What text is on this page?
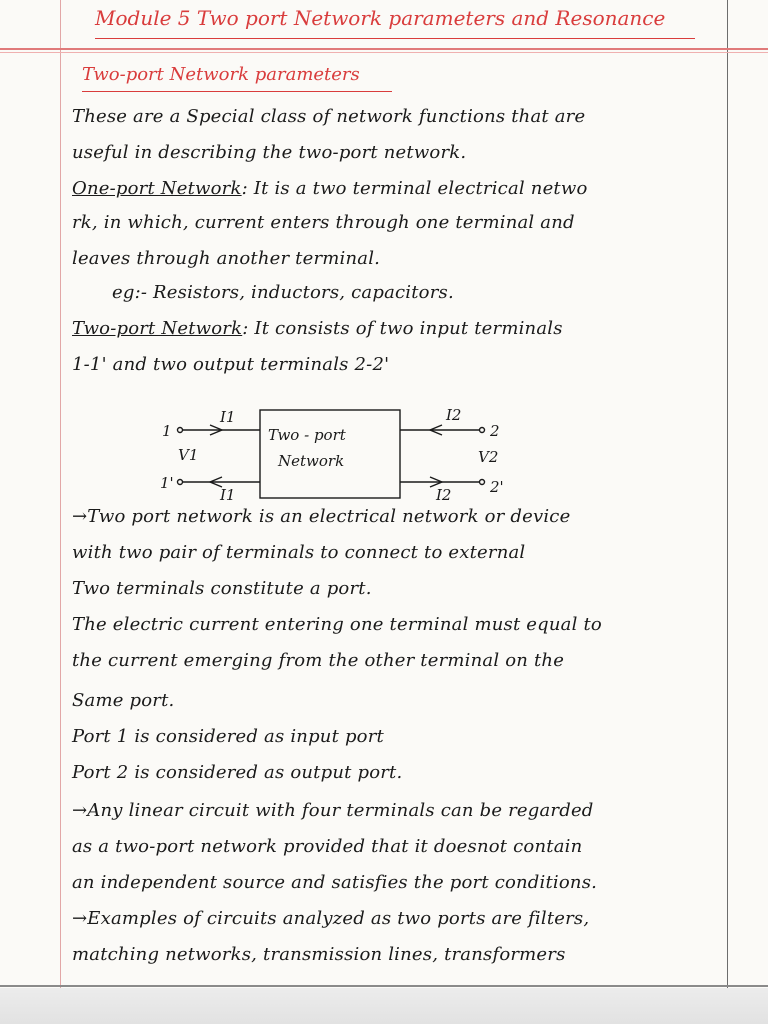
Module 5 Two port Network parameters and Resonance
Two-port Network parameters
These are a Special class of network functions that are
useful in describing the two-port network.
One-port Network: It is a two terminal electrical netwo
rk, in which, current enters through one terminal and
leaves through another terminal.
eg:- Resistors, inductors, capacitors.
Two-port Network: It consists of two input terminals
1-1' and two output terminals 2-2'
Two - port
Network
I1
I1
I2
I2
V1	V2
1
1'
2
2'
→Two port network is an electrical network or device
with two pair of terminals to connect to external
Two terminals constitute a port.
The electric current entering one terminal must equal to
the current emerging from the other terminal on the
Same port.
Port 1 is considered as input port
Port 2 is considered as output port.
→Any linear circuit with four terminals can be regarded
as a two-port network provided that it doesnot contain
an independent source and satisfies the port conditions.
→Examples of circuits analyzed as two ports are filters,
matching networks, transmission lines, transformers
